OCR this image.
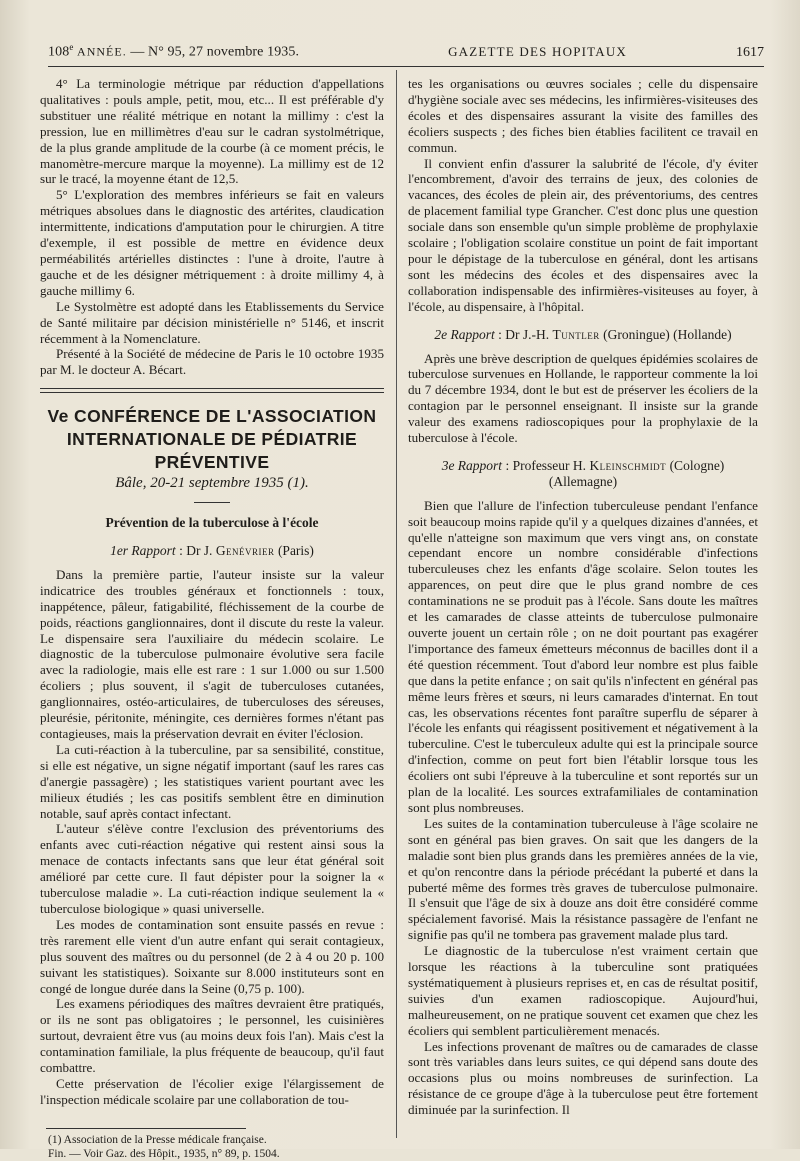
108e ANNÉE. — N° 95, 27 novembre 1935.	GAZETTE DES HOPITAUX	1617

4° La terminologie métrique par réduction d'appellations qualitatives : pouls ample, petit, mou, etc... Il est préférable d'y substituer une réalité métrique en notant la millimy : c'est la pression, lue en millimètres d'eau sur le cadran systolmétrique, de la plus grande amplitude de la courbe (à ce moment précis, le manomètre-mercure marque la moyenne). La millimy est de 12 sur le tracé, la moyenne étant de 12,5.

5° L'exploration des membres inférieurs se fait en valeurs métriques absolues dans le diagnostic des artérites, claudication intermittente, indications d'amputation pour le chirurgien. A titre d'exemple, il est possible de mettre en évidence deux perméabilités artérielles distinctes : l'une à droite, l'autre à gauche et de les désigner métriquement : à droite millimy 4, à gauche millimy 6.

Le Systolmètre est adopté dans les Etablissements du Service de Santé militaire par décision ministérielle n° 5146, et inscrit récemment à la Nomenclature.

Présenté à la Société de médecine de Paris le 10 octobre 1935 par M. le docteur A. Bécart.

Ve CONFÉRENCE DE L'ASSOCIATION
INTERNATIONALE DE PÉDIATRIE PRÉVENTIVE
Bâle, 20-21 septembre 1935 (1).
Prévention de la tuberculose à l'école
1er Rapport : Dr J. Genévrier (Paris)

Dans la première partie, l'auteur insiste sur la valeur indicatrice des troubles généraux et fonctionnels : toux, inappétence, pâleur, fatigabilité, fléchissement de la courbe de poids, réactions ganglionnaires, dont il discute du reste la valeur. Le dispensaire sera l'auxiliaire du médecin scolaire. Le diagnostic de la tuberculose pulmonaire évolutive sera facile avec la radiologie, mais elle est rare : 1 sur 1.000 ou sur 1.500 écoliers ; plus souvent, il s'agit de tuberculoses cutanées, ganglionnaires, ostéo-articulaires, de tuberculoses des séreuses, pleurésie, péritonite, méningite, ces dernières formes n'étant pas contagieuses, mais la préservation devrait en éviter l'éclosion.

La cuti-réaction à la tuberculine, par sa sensibilité, constitue, si elle est négative, un signe négatif important (sauf les rares cas d'anergie passagère) ; les statistiques varient pourtant avec les milieux étudiés ; les cas positifs semblent être en diminution notable, sauf après contact infectant.

L'auteur s'élève contre l'exclusion des préventoriums des enfants avec cuti-réaction négative qui restent ainsi sous la menace de contacts infectants sans que leur état général soit amélioré par cette cure. Il faut dépister pour la soigner la « tuberculose maladie ». La cuti-réaction indique seulement la « tuberculose biologique » quasi universelle.

Les modes de contamination sont ensuite passés en revue : très rarement elle vient d'un autre enfant qui serait contagieux, plus souvent des maîtres ou du personnel (de 2 à 4 ou 20 p. 100 suivant les statistiques). Soixante sur 8.000 instituteurs sont en congé de longue durée dans la Seine (0,75 p. 100).

Les examens périodiques des maîtres devraient être pratiqués, or ils ne sont pas obligatoires ; le personnel, les cuisinières surtout, devraient être vus (au moins deux fois l'an). Mais c'est la contamination familiale, la plus fréquente de beaucoup, qu'il faut combattre.

Cette préservation de l'écolier exige l'élargissement de l'inspection médicale scolaire par une collaboration de tou-

(1) Association de la Presse médicale française.
Fin. — Voir Gaz. des Hôpit., 1935, n° 89, p. 1504.

tes les organisations ou œuvres sociales ; celle du dispensaire d'hygiène sociale avec ses médecins, les infirmières-visiteuses des écoles et des dispensaires assurant la visite des familles des écoliers suspects ; des fiches bien établies facilitent ce travail en commun.

Il convient enfin d'assurer la salubrité de l'école, d'y éviter l'encombrement, d'avoir des terrains de jeux, des colonies de vacances, des écoles de plein air, des préventoriums, des centres de placement familial type Grancher. C'est donc plus une question sociale dans son ensemble qu'un simple problème de prophylaxie scolaire ; l'obligation scolaire constitue un point de fait important pour le dépistage de la tuberculose en général, dont les artisans sont les médecins des écoles et des dispensaires avec la collaboration indispensable des infirmières-visiteuses au foyer, à l'école, au dispensaire, à l'hôpital.

2e Rapport : Dr J.-H. Tuntler (Groningue) (Hollande)

Après une brève description de quelques épidémies scolaires de tuberculose survenues en Hollande, le rapporteur commente la loi du 7 décembre 1934, dont le but est de préserver les écoliers de la contagion par le personnel enseignant. Il insiste sur la grande valeur des examens radioscopiques pour la prophylaxie de la tuberculose à l'école.

3e Rapport : Professeur H. Kleinschmidt (Cologne)
(Allemagne)

Bien que l'allure de l'infection tuberculeuse pendant l'enfance soit beaucoup moins rapide qu'il y a quelques dizaines d'années, et qu'elle n'atteigne son maximum que vers vingt ans, on constate cependant encore un nombre considérable d'infections tuberculeuses chez les enfants d'âge scolaire. Selon toutes les apparences, on peut dire que le plus grand nombre de ces contaminations ne se produit pas à l'école. Sans doute les maîtres et les camarades de classe atteints de tuberculose pulmonaire ouverte jouent un certain rôle ; on ne doit pourtant pas exagérer l'importance des fameux émetteurs méconnus de bacilles dont il a été question récemment. Tout d'abord leur nombre est plus faible que dans la petite enfance ; on sait qu'ils n'infectent en général pas même leurs frères et sœurs, ni leurs camarades d'internat. En tout cas, les observations récentes font paraître superflu de séparer à l'école les enfants qui réagissent positivement et négativement à la tuberculine. C'est le tuberculeux adulte qui est la principale source d'infection, comme on peut fort bien l'établir lorsque tous les écoliers ont subi l'épreuve à la tuberculine et sont reportés sur un plan de la localité. Les sources extrafamiliales de contamination sont plus nombreuses.

Les suites de la contamination tuberculeuse à l'âge scolaire ne sont en général pas bien graves. On sait que les dangers de la maladie sont bien plus grands dans les premières années de la vie, et qu'on rencontre dans la période précédant la puberté et dans la puberté même des formes très graves de tuberculose pulmonaire. Il s'ensuit que l'âge de six à douze ans doit être considéré comme spécialement favorisé. Mais la résistance passagère de l'enfant ne signifie pas qu'il ne tombera pas gravement malade plus tard.

Le diagnostic de la tuberculose n'est vraiment certain que lorsque les réactions à la tuberculine sont pratiquées systématiquement à plusieurs reprises et, en cas de résultat positif, suivies d'un examen radioscopique. Aujourd'hui, malheureusement, on ne pratique souvent cet examen que chez les écoliers qui semblent particulièrement menacés.

Les infections provenant de maîtres ou de camarades de classe sont très variables dans leurs suites, ce qui dépend sans doute des occasions plus ou moins nombreuses de surinfection. La résistance de ce groupe d'âge à la tuberculose peut être fortement diminuée par la surinfection. Il
